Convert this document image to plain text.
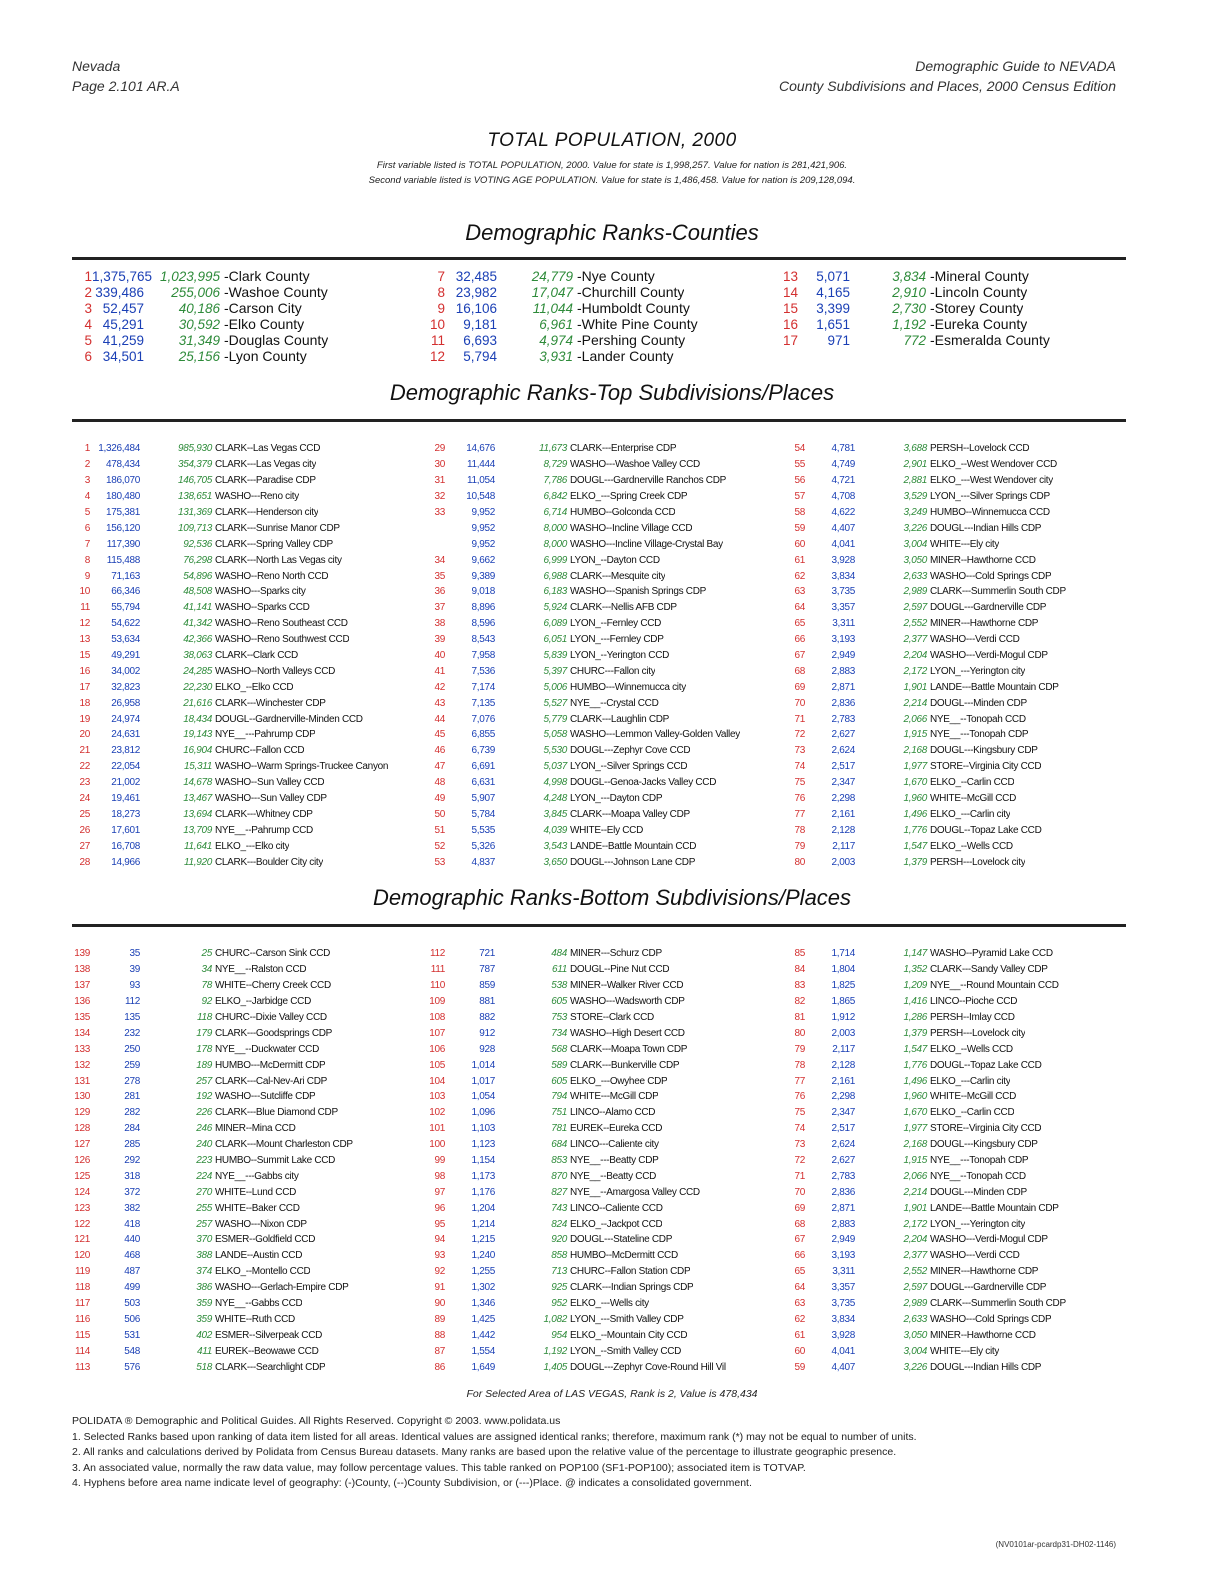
Nevada
Page 2.101 AR.A
Demographic Guide to NEVADA
County Subdivisions and Places, 2000 Census Edition
TOTAL POPULATION, 2000
First variable listed is TOTAL POPULATION, 2000. Value for state is 1,998,257. Value for nation is 281,421,906.
Second variable listed is VOTING AGE POPULATION. Value for state is 1,486,458. Value for nation is 209,128,094.
Demographic Ranks-Counties
1 1,375,765 1,023,995 -Clark County
2 339,486	255,006 -Washoe County
3 52,457	40,186 -Carson City
4 45,291	30,592 -Elko County
5 41,259	31,349 -Douglas County
6 34,501	25,156 -Lyon County
7 32,485	24,779 -Nye County
8 23,982	17,047 -Churchill County
9 16,106	11,044 -Humboldt County
10	9,181	6,961 -White Pine County
11	6,693	4,974 -Pershing County
12	5,794	3,931 -Lander County
13	5,071	3,834 -Mineral County
14	4,165	2,910 -Lincoln County
15	3,399	2,730 -Storey County
16	1,651	1,192 -Eureka County
17	971	772 -Esmeralda County
Demographic Ranks-Top Subdivisions/Places
1 1,326,484	985,930 CLARK--Las Vegas CCD
2	478,434	354,379 CLARK---Las Vegas city
3	186,070	146,705 CLARK---Paradise CDP
4	180,480	138,651 WASHO---Reno city
5	175,381	131,369 CLARK---Henderson city
6	156,120	109,713 CLARK---Sunrise Manor CDP
7	117,390	92,536 CLARK---Spring Valley CDP
8	115,488	76,298 CLARK---North Las Vegas city
9	71,163	54,896 WASHO--Reno North CCD
10	66,346	48,508 WASHO---Sparks city
11	55,794	41,141 WASHO--Sparks CCD
12	54,622	41,342 WASHO--Reno Southeast CCD
13	53,634	42,366 WASHO--Reno Southwest CCD
15	49,291	38,063 CLARK--Clark CCD
16	34,002	24,285 WASHO--North Valleys CCD
17	32,823	22,230 ELKO_--Elko CCD
18	26,958	21,616 CLARK---Winchester CDP
19	24,974	18,434 DOUGL--Gardnerville-Minden CCD
20	24,631	19,143 NYE__---Pahrump CDP
21	23,812	16,904 CHURC--Fallon CCD
22	22,054	15,311 WASHO--Warm Springs-Truckee Canyon
23	21,002	14,678 WASHO--Sun Valley CCD
24	19,461	13,467 WASHO---Sun Valley CDP
25	18,273	13,694 CLARK---Whitney CDP
26	17,601	13,709 NYE__--Pahrump CCD
27	16,708	11,641 ELKO_---Elko city
28	14,966	11,920 CLARK---Boulder City city
29	14,676	11,673 CLARK---Enterprise CDP
30	11,444	8,729 WASHO---Washoe Valley CCD
31	11,054	7,786 DOUGL---Gardnerville Ranchos CDP
32	10,548	6,842 ELKO_---Spring Creek CDP
33	9,952	6,714 HUMBO--Golconda CCD
9,952	8,000 WASHO--Incline Village CCD
9,952	8,000 WASHO---Incline Village-Crystal Bay
34	9,662	6,999 LYON_--Dayton CCD
35	9,389	6,988 CLARK---Mesquite city
36	9,018	6,183 WASHO---Spanish Springs CDP
37	8,896	5,924 CLARK---Nellis AFB CDP
38	8,596	6,089 LYON_--Fernley CCD
39	8,543	6,051 LYON_---Fernley CDP
40	7,958	5,839 LYON_--Yerington CCD
41	7,536	5,397 CHURC---Fallon city
42	7,174	5,006 HUMBO---Winnemucca city
43	7,135	5,527 NYE__--Crystal CCD
44	7,076	5,779 CLARK---Laughlin CDP
45	6,855	5,058 WASHO---Lemmon Valley-Golden Valley
46	6,739	5,530 DOUGL---Zephyr Cove CCD
47	6,691	5,037 LYON_--Silver Springs CCD
48	6,631	4,998 DOUGL--Genoa-Jacks Valley CCD
49	5,907	4,248 LYON_---Dayton CDP
50	5,784	3,845 CLARK---Moapa Valley CDP
51	5,535	4,039 WHITE--Ely CCD
52	5,326	3,543 LANDE--Battle Mountain CCD
53	4,837	3,650 DOUGL---Johnson Lane CDP
54	4,781	3,688 PERSH--Lovelock CCD
55	4,749	2,901 ELKO_--West Wendover CCD
56	4,721	2,881 ELKO_---West Wendover city
57	4,708	3,529 LYON_---Silver Springs CDP
58	4,622	3,249 HUMBO--Winnemucca CCD
59	4,407	3,226 DOUGL---Indian Hills CDP
60	4,041	3,004 WHITE---Ely city
61	3,928	3,050 MINER--Hawthorne CCD
62	3,834	2,633 WASHO---Cold Springs CDP
63	3,735	2,989 CLARK---Summerlin South CDP
64	3,357	2,597 DOUGL---Gardnerville CDP
65	3,311	2,552 MINER---Hawthorne CDP
66	3,193	2,377 WASHO---Verdi CCD
67	2,949	2,204 WASHO---Verdi-Mogul CDP
68	2,883	2,172 LYON_---Yerington city
69	2,871	1,901 LANDE---Battle Mountain CDP
70	2,836	2,214 DOUGL---Minden CDP
71	2,783	2,066 NYE__--Tonopah CCD
72	2,627	1,915 NYE__---Tonopah CDP
73	2,624	2,168 DOUGL---Kingsbury CDP
74	2,517	1,977 STORE--Virginia City CCD
75	2,347	1,670 ELKO_--Carlin CCD
76	2,298	1,960 WHITE--McGill CCD
77	2,161	1,496 ELKO_---Carlin city
78	2,128	1,776 DOUGL--Topaz Lake CCD
79	2,117	1,547 ELKO_--Wells CCD
80	2,003	1,379 PERSH---Lovelock city
Demographic Ranks-Bottom Subdivisions/Places
139	35	25 CHURC--Carson Sink CCD
138	39	34 NYE__--Ralston CCD
137	93	78 WHITE--Cherry Creek CCD
136	112	92 ELKO_--Jarbidge CCD
135	135	118 CHURC--Dixie Valley CCD
134	232	179 CLARK---Goodsprings CDP
133	250	178 NYE__--Duckwater CCD
132	259	189 HUMBO---McDermitt CDP
131	278	257 CLARK---Cal-Nev-Ari CDP
130	281	192 WASHO---Sutcliffe CDP
129	282	226 CLARK---Blue Diamond CDP
128	284	246 MINER--Mina CCD
127	285	240 CLARK---Mount Charleston CDP
126	292	223 HUMBO--Summit Lake CCD
125	318	224 NYE__---Gabbs city
124	372	270 WHITE--Lund CCD
123	382	255 WHITE--Baker CCD
122	418	257 WASHO---Nixon CDP
121	440	370 ESMER--Goldfield CCD
120	468	388 LANDE--Austin CCD
119	487	374 ELKO_--Montello CCD
118	499	386 WASHO---Gerlach-Empire CDP
117	503	359 NYE__--Gabbs CCD
116	506	359 WHITE--Ruth CCD
115	531	402 ESMER--Silverpeak CCD
114	548	411 EUREK--Beowawe CCD
113	576	518 CLARK---Searchlight CDP
112	721	484 MINER---Schurz CDP
111	787	611 DOUGL--Pine Nut CCD
110	859	538 MINER--Walker River CCD
109	881	605 WASHO---Wadsworth CDP
108	882	753 STORE--Clark CCD
107	912	734 WASHO--High Desert CCD
106	928	568 CLARK---Moapa Town CDP
105	1,014	589 CLARK---Bunkerville CDP
104	1,017	605 ELKO_---Owyhee CDP
103	1,054	794 WHITE---McGill CDP
102	1,096	751 LINCO--Alamo CCD
101	1,103	781 EUREK--Eureka CCD
100	1,123	684 LINCO---Caliente city
99	1,154	853 NYE__---Beatty CDP
98	1,173	870 NYE__--Beatty CCD
97	1,176	827 NYE__--Amargosa Valley CCD
96	1,204	743 LINCO--Caliente CCD
95	1,214	824 ELKO_--Jackpot CCD
94	1,215	920 DOUGL---Stateline CDP
93	1,240	858 HUMBO--McDermitt CCD
92	1,255	713 CHURC--Fallon Station CDP
91	1,302	925 CLARK---Indian Springs CDP
90	1,346	952 ELKO_---Wells city
89	1,425	1,082 LYON_---Smith Valley CDP
88	1,442	954 ELKO_--Mountain City CCD
87	1,554	1,192 LYON_--Smith Valley CCD
86	1,649	1,405 DOUGL---Zephyr Cove-Round Hill Vil
85	1,714	1,147 WASHO--Pyramid Lake CCD
84	1,804	1,352 CLARK---Sandy Valley CDP
83	1,825	1,209 NYE__--Round Mountain CCD
82	1,865	1,416 LINCO--Pioche CCD
81	1,912	1,286 PERSH--Imlay CCD
80	2,003	1,379 PERSH---Lovelock city
79	2,117	1,547 ELKO_--Wells CCD
78	2,128	1,776 DOUGL--Topaz Lake CCD
77	2,161	1,496 ELKO_---Carlin city
76	2,298	1,960 WHITE--McGill CCD
75	2,347	1,670 ELKO_--Carlin CCD
74	2,517	1,977 STORE--Virginia City CCD
73	2,624	2,168 DOUGL---Kingsbury CDP
72	2,627	1,915 NYE__---Tonopah CDP
71	2,783	2,066 NYE__--Tonopah CCD
70	2,836	2,214 DOUGL---Minden CDP
69	2,871	1,901 LANDE---Battle Mountain CDP
68	2,883	2,172 LYON_---Yerington city
67	2,949	2,204 WASHO---Verdi-Mogul CDP
66	3,193	2,377 WASHO---Verdi CCD
65	3,311	2,552 MINER---Hawthorne CDP
64	3,357	2,597 DOUGL---Gardnerville CDP
63	3,735	2,989 CLARK---Summerlin South CDP
62	3,834	2,633 WASHO---Cold Springs CDP
61	3,928	3,050 MINER--Hawthorne CCD
60	4,041	3,004 WHITE---Ely city
59	4,407	3,226 DOUGL---Indian Hills CDP
For Selected Area of LAS VEGAS, Rank is 2, Value is 478,434
POLIDATA ® Demographic and Political Guides. All Rights Reserved. Copyright © 2003. www.polidata.us
1. Selected Ranks based upon ranking of data item listed for all areas. Identical values are assigned identical ranks; therefore, maximum rank (*) may not be equal to number of units.
2. All ranks and calculations derived by Polidata from Census Bureau datasets. Many ranks are based upon the relative value of the percentage to illustrate geographic presence.
3. An associated value, normally the raw data value, may follow percentage values. This table ranked on POP100 (SF1-POP100); associated item is TOTVAP.
4. Hyphens before area name indicate level of geography: (-)County, (--)County Subdivision, or (---)Place. @ indicates a consolidated government.
(NV0101ar-pcardp31-DH02-1146)
